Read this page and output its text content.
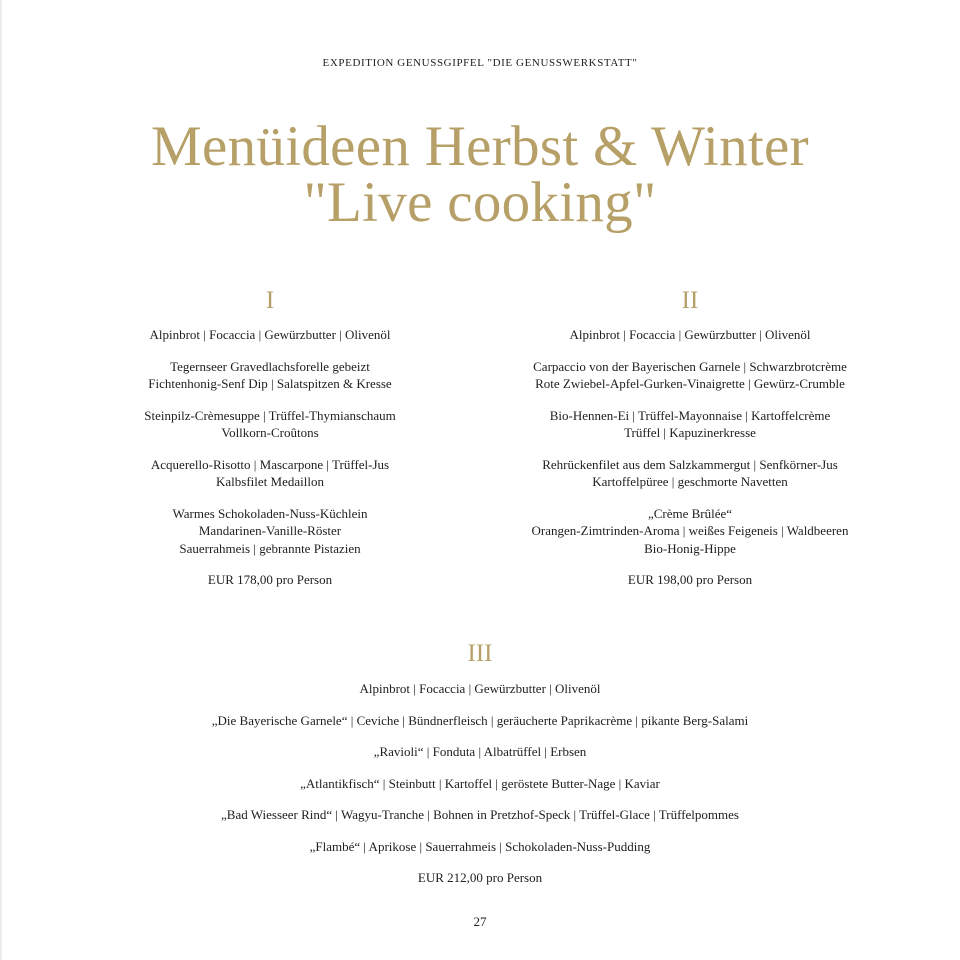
EXPEDITION GENUSSGIPFEL "DIE GENUSSWERKSTATT"
Menüideen Herbst & Winter
"Live cooking"
I
Alpinbrot | Focaccia | Gewürzbutter | Olivenöl
Tegernseer Gravedlachsforelle gebeizt
Fichtenhonig-Senf Dip | Salatspitzen & Kresse
Steinpilz-Crèmesuppe | Trüffel-Thymianschaum
Vollkorn-Croûtons
Acquerello-Risotto | Mascarpone | Trüffel-Jus
Kalbsfilet Medaillon
Warmes Schokoladen-Nuss-Küchlein
Mandarinen-Vanille-Röster
Sauerrahmeis | gebrannte Pistazien
EUR 178,00 pro Person
II
Alpinbrot | Focaccia | Gewürzbutter | Olivenöl
Carpaccio von der Bayerischen Garnele | Schwarzbrotcrème
Rote Zwiebel-Apfel-Gurken-Vinaigrette | Gewürz-Crumble
Bio-Hennen-Ei | Trüffel-Mayonnaise | Kartoffelcrème
Trüffel | Kapuzinerkresse
Rehrückenfilet aus dem Salzkammergut | Senfkörner-Jus
Kartoffelpüree | geschmorte Navetten
„Crème Brûlée“
Orangen-Zimtrinden-Aroma | weißes Feigeneis | Waldbeeren
Bio-Honig-Hippe
EUR 198,00 pro Person
III
Alpinbrot | Focaccia | Gewürzbutter | Olivenöl
„Die Bayerische Garnele“ | Ceviche | Bündnerfleisch | geräucherte Paprikacrème | pikante Berg-Salami
„Ravioli“ | Fonduta | Albatrüffel | Erbsen
„Atlantikfisch“ | Steinbutt | Kartoffel | geröstete Butter-Nage | Kaviar
„Bad Wiesseer Rind“ | Wagyu-Tranche | Bohnen in Pretzhof-Speck | Trüffel-Glace | Trüffelpommes
„Flambé“ | Aprikose | Sauerrahmeis | Schokoladen-Nuss-Pudding
EUR 212,00 pro Person
27
